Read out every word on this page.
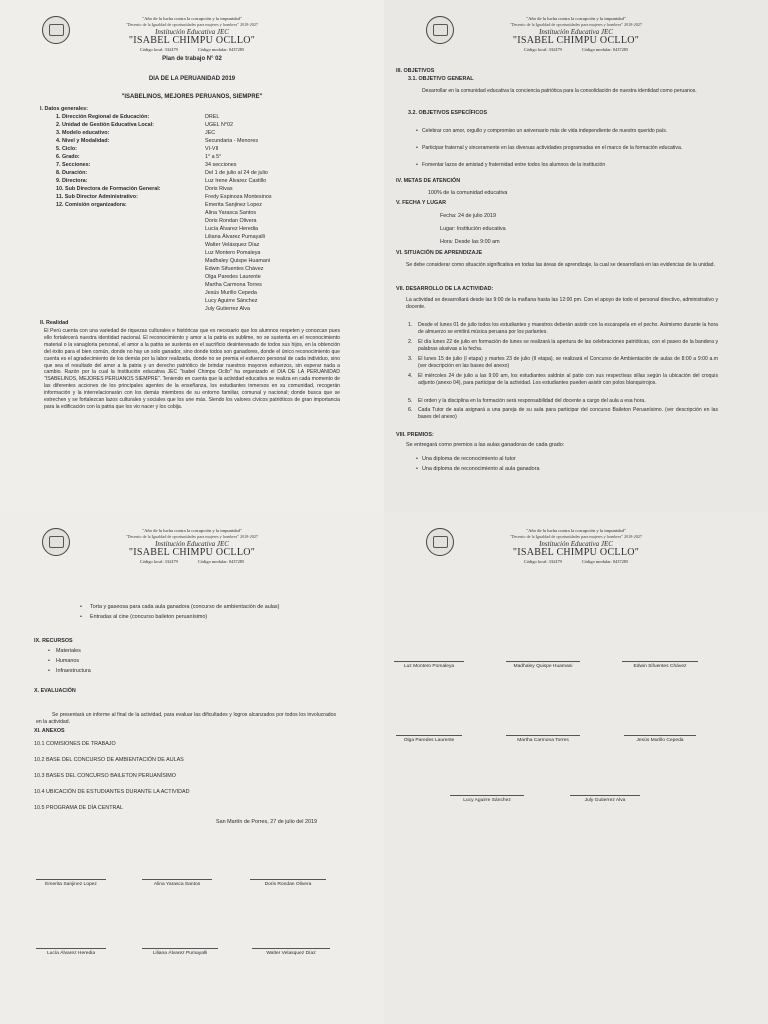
"Año de la lucha contra la corrupción y la impunidad"
"Decenio de la Igualdad de oportunidades para mujeres y hombres" 2018-2027
Institución Educativa JEC
"ISABEL CHIMPU OCLLO"
Código local: 332479	Código modular: 0437285
Plan de trabajo N° 02
DIA DE LA PERUANIDAD 2019
"ISABELINOS, MEJORES PERUANOS, SIEMPRE"
I. Datos generales:
1. Dirección Regional de Educación:	DREL
2. Unidad de Gestión Educativa Local:	UGEL N°02
3. Modelo educativo:	JEC
4. Nivel y Modalidad:	Secundaria - Menores
5. Ciclo:	VI-VII
6. Grado:	1° a 5°
7. Secciones:	34 secciones
8. Duración:	Del 1 de julio al 24 de julio
9. Directora:	Luz Irene Álvarez Castillo
10. Sub Directora de Formación General:	Doris Rivas
11. Sub Director Administrativo:	Fredy Espinoza Montesinos
12. Comisión organizadora:	Emerita Sanjinez Lopez
Alina Yarasca Santos
Doris Rondan Olivera
Lucía Álvarez Heredia
Liliana Álvarez Pumayalli
Walter Velásquez Díaz
Luz Montero Pomaleya
Madhaley Quispe Huamani
Edwin Sifuentes Chávez
Olga Paredes Laurente
Martha Carmona Torres
Jesús Murillo Cepeda
Lucy Aguirre Sánchez
July Gutierrez Alva
II. Realidad
El Perú cuenta con una variedad de riquezas culturales e históricas que es necesario que los alumnos respeten y conozcan pues ello fortalecerá nuestra identidad nacional. El reconocimiento y amor a la patria es sublime, no se sustenta en el reconocimiento material o la vanagloria personal, el amor a la patria se sustenta en el sacrificio desinteresado de todos sus hijos, en la obtención del éxito para el bien común, donde no hay un solo ganador, sino donde todos son ganadores, donde el único reconocimiento que cuenta es el agradecimiento de los demás por la labor realizada, donde no se premia el esfuerzo personal de cada individuo, sino que sea el resultado del amor a la patria y un derecho patriótico de brindar nuestros mayores esfuerzos, sin esperar nada a cambio. Razón por la cual la Institución educativa JEC "Isabel Chimpu Ocllo" ha organizado el DIA DE LA PERUANIDAD "ISABELINOS, MEJORES PERUANOS SIEMPRE". Teniendo en cuenta que la actividad educativa se realiza en cada momento de las diferentes acciones de los principales agentes de la enseñanza, los estudiantes inmersos en su comunidad, recogerán información y la interrelacionarán con los demás miembros de su entorno familiar, comunal y nacional; donde busca que se estrechen y se fortalezcan lazos culturales y sociales que los une más. Siendo los valores cívicos patrióticos de gran importancia para la edificación con la patria que los vio nacer y los cobija.
"Año de la lucha contra la corrupción y la impunidad"
"Decenio de la Igualdad de oportunidades para mujeres y hombres" 2018-2027
Institución Educativa JEC
"ISABEL CHIMPU OCLLO"
Código local: 332479	Código modular: 0437285
III. OBJETIVOS
3.1. OBJETIVO GENERAL
Desarrollar en la comunidad educativa la conciencia patriótica para la consolidación de nuestra identidad como peruanos.
3.2. OBJETIVOS ESPECÍFICOS
• Celebrar con amor, orgullo y compromiso un aniversario más de vida independiente de nuestro querido país.
• Participar fraternal y sinceramente en las diversas actividades programadas en el marco de la formación educativa.
• Fomentar lazos de amistad y fraternidad entre todos los alumnos de la institución
IV. METAS DE ATENCIÓN
100% de la comunidad educativa
V. FECHA Y LUGAR
Fecha: 24 de julio 2019
Lugar: Institución educativa
Hora: Desde las 9:00 am
VI. SITUACIÓN DE APRENDIZAJE
Se debe considerar como situación significativa en todas las áreas de aprendizaje, la cual se desarrollará en las evidencias de la unidad.
VII. DESARROLLO DE LA ACTIVIDAD:
La actividad se desarrollará desde las 9:00 de la mañana hasta las 12:00 pm. Con el apoyo de todo el personal directivo, administrativo y docente.
1. Desde el lunes 01 de julio todos los estudiantes y maestros deberán asistir con la escarapela en el pecho. Asimismo durante la hora de almuerzo se emitirá música peruana por los parlantes.
2. El día lunes 22 de julio en formación de lunes se realizará la apertura de las celebraciones patrióticas, con el paseo de la bandera y palabras alusivas a la fecha.
3. El lunes 15 de julio (I etapa) y martes 23 de julio (II etapa), se realizará el Concurso de Ambientación de aulas de 8:00 a 9:00 a.m (ver descripción en las bases del anexo)
4. El miércoles 24 de julio a las 9:00 am, los estudiantes saldrán al patio con sus respectivas sillas según la ubicación del croquis adjunto (anexo 04), para participar de la actividad. Los estudiantes pueden asistir con polos blanquirrojos.
5. El orden y la disciplina en la formación será responsabilidad del docente a cargo del aula a esa hora.
6. Cada Tutor de aula asignará a una pareja de su aula para participar del concurso Baileton Peruanísimo. (ver descripción en las bases del anexo)
VIII. PREMIOS:
Se entregará como premios a las aulas ganadoras de cada grado:
• Una diploma de reconocimiento al tutor
• Una diploma de reconocimiento al aula ganadora
"Año de la lucha contra la corrupción y la impunidad"
"Decenio de la Igualdad de oportunidades para mujeres y hombres" 2018-2027
Institución Educativa JEC
"ISABEL CHIMPU OCLLO"
Código local: 332479	Código modular: 0437285
• Torta y gaseosa para cada aula ganadora (concurso de ambientación de aulas)
• Entradas al cine (concurso baileton peruanísimo)
IX. RECURSOS
• Materiales
• Humanos
• Infraestructura
X. EVALUACIÓN
Se presentará un informe al final de la actividad, para evaluar las dificultades y logros alcanzados por todos los involucrados en la actividad.
XI. ANEXOS
10.1 COMISIONES DE TRABAJO
10.2 BASE DEL CONCURSO DE AMBIENTACIÓN DE AULAS
10.3 BASES DEL CONCURSO BAILETON PERUANÍSIMO
10.4 UBICACIÓN DE ESTUDIANTES DURANTE LA ACTIVIDAD
10.5 PROGRAMA DE DÍA CENTRAL
San Martín de Porres, 27 de julio del 2019
Emerita Sanjinez Lopez	Alina Yarasca Santos	Doris Rondan Olivera
Lucía Álvarez Heredia	Liliana Álvarez Pumayalli	Walter Velasquez Díaz
"Año de la lucha contra la corrupción y la impunidad"
"Decenio de la Igualdad de oportunidades para mujeres y hombres" 2018-2027
Institución Educativa JEC
"ISABEL CHIMPU OCLLO"
Código local: 332479	Código modular: 0437285
Luz Montero Pomaleya	Madhaley Quispe Huamani	Edwin Sifuentes Chávez
Olga Paredes Laurente	Martha Carmona Torres	Jesús Murillo Cepeda
Lucy Aguirre Sánchez	July Gutierrez Alva
